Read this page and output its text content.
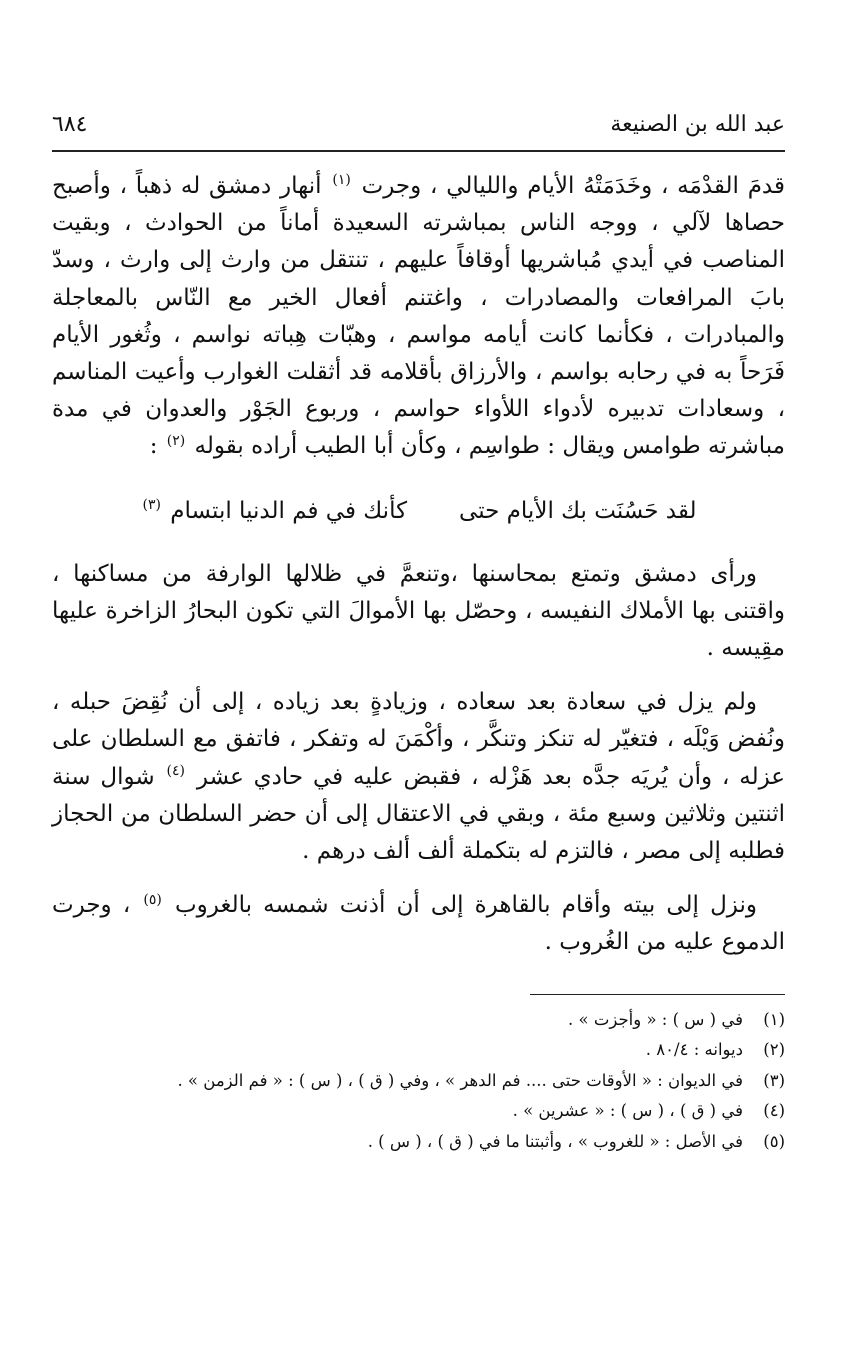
عبد الله بن الصنيعة
٦٨٤

قدمَ القدْمَه ، وخَدَمَتْهُ الأيام والليالي ، وجرت $^{(١)}$ أنهار دمشق له ذهباً ، وأصبح حصاها لآلي ، ووجه الناس بمباشرته السعيدة أماناً من الحوادث ، وبقيت المناصب في أيدي مُباشريها أوقافاً عليهم ، تنتقل من وارث إلى وارث ، وسدّ بابَ المرافعات والمصادرات ، واغتنم أفعال الخير مع النّاس بالمعاجلة والمبادرات ، فكأنما كانت أيامه مواسم ، وهبّات هِباته نواسم ، وثُغور الأيام فَرَحاً به في رحابه بواسم ، والأرزاق بأقلامه قد أثقلت الغوارب وأعيت المناسم ، وسعادات تدبيره لأدواء اللأواء حواسم ، وربوع الجَوْر والعدوان في مدة مباشرته طوامس ويقال : طواسِم ، وكأن أبا الطيب أراده بقوله $^{(٢)}$ :

لقد حَسُنَت بك الأيام حتى
كأنك في فم الدنيا ابتسام $^{(٣)}$

ورأى دمشق وتمتع بمحاسنها ،وتنعمَّ في ظلالها الوارفة من مساكنها ، واقتنى بها الأملاك النفيسه ، وحصّل بها الأموالَ التي تكون البحارُ الزاخرة عليها مقِيسه .

ولم يزل في سعادة بعد سعاده ، وزيادةٍ بعد زياده ، إلى أن نُقِضَ حبله ، ونُفض وَيْلَه ، فتغيّر له تنكز وتنكَّر ، وأكْمَنَ له وتفكر ، فاتفق مع السلطان على عزله ، وأن يُريَه جدَّه بعد هَزْله ، فقبض عليه في حادي عشر $^{(٤)}$ شوال سنة اثنتين وثلاثين وسبع مئة ، وبقي في الاعتقال إلى أن حضر السلطان من الحجاز فطلبه إلى مصر ، فالتزم له بتكملة ألف ألف درهم .

ونزل إلى بيته وأقام بالقاهرة إلى أن أذنت شمسه بالغروب $^{(٥)}$ ، وجرت الدموع عليه من الغُروب .

(١)
في ( س ) : « وأجزت » .
(٢)
ديوانه : ٨٠/٤ .
(٣)
في الديوان : « الأوقات حتى .... فم الدهر » ، وفي ( ق ) ، ( س ) : « فم الزمن » .
(٤)
في ( ق ) ، ( س ) : « عشرين » .
(٥)
في الأصل : « للغروب » ، وأثبتنا ما في ( ق ) ، ( س ) .
